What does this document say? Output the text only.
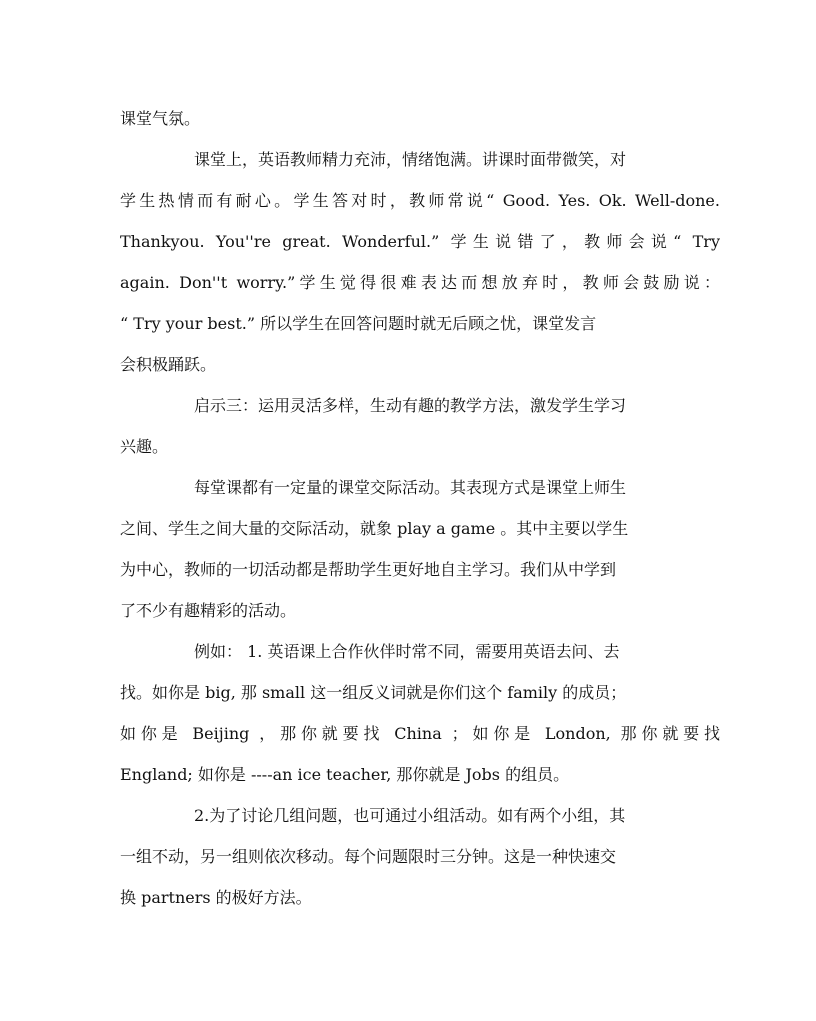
课堂气氛。
课堂上，英语教师精力充沛，情绪饱满。讲课时面带微笑，对
学生热情而有耐心。学生答对时，教师常说“ Good. Yes. Ok. Well-done.
Thankyou. You''re great. Wonderful.” 学生说错了，教师会说“ Try
again. Don''t worry.”学生觉得很难表达而想放弃时，教师会鼓励说：
“ Try your best.” 所以学生在回答问题时就无后顾之忧，课堂发言
会积极踊跃。
启示三：运用灵活多样，生动有趣的教学方法，激发学生学习
兴趣。
每堂课都有一定量的课堂交际活动。其表现方式是课堂上师生
之间、学生之间大量的交际活动，就象 play a game 。其中主要以学生
为中心，教师的一切活动都是帮助学生更好地自主学习。我们从中学到
了不少有趣精彩的活动。
例如： 1. 英语课上合作伙伴时常不同，需要用英语去问、去
找。如你是 big, 那 small 这一组反义词就是你们这个 family 的成员；
如你是 Beijing ，那你就要找 China ；如你是 London, 那你就要找
England; 如你是 ----an ice teacher, 那你就是 Jobs 的组员。
2.为了讨论几组问题，也可通过小组活动。如有两个小组，其
一组不动，另一组则依次移动。每个问题限时三分钟。这是一种快速交
换 partners 的极好方法。
